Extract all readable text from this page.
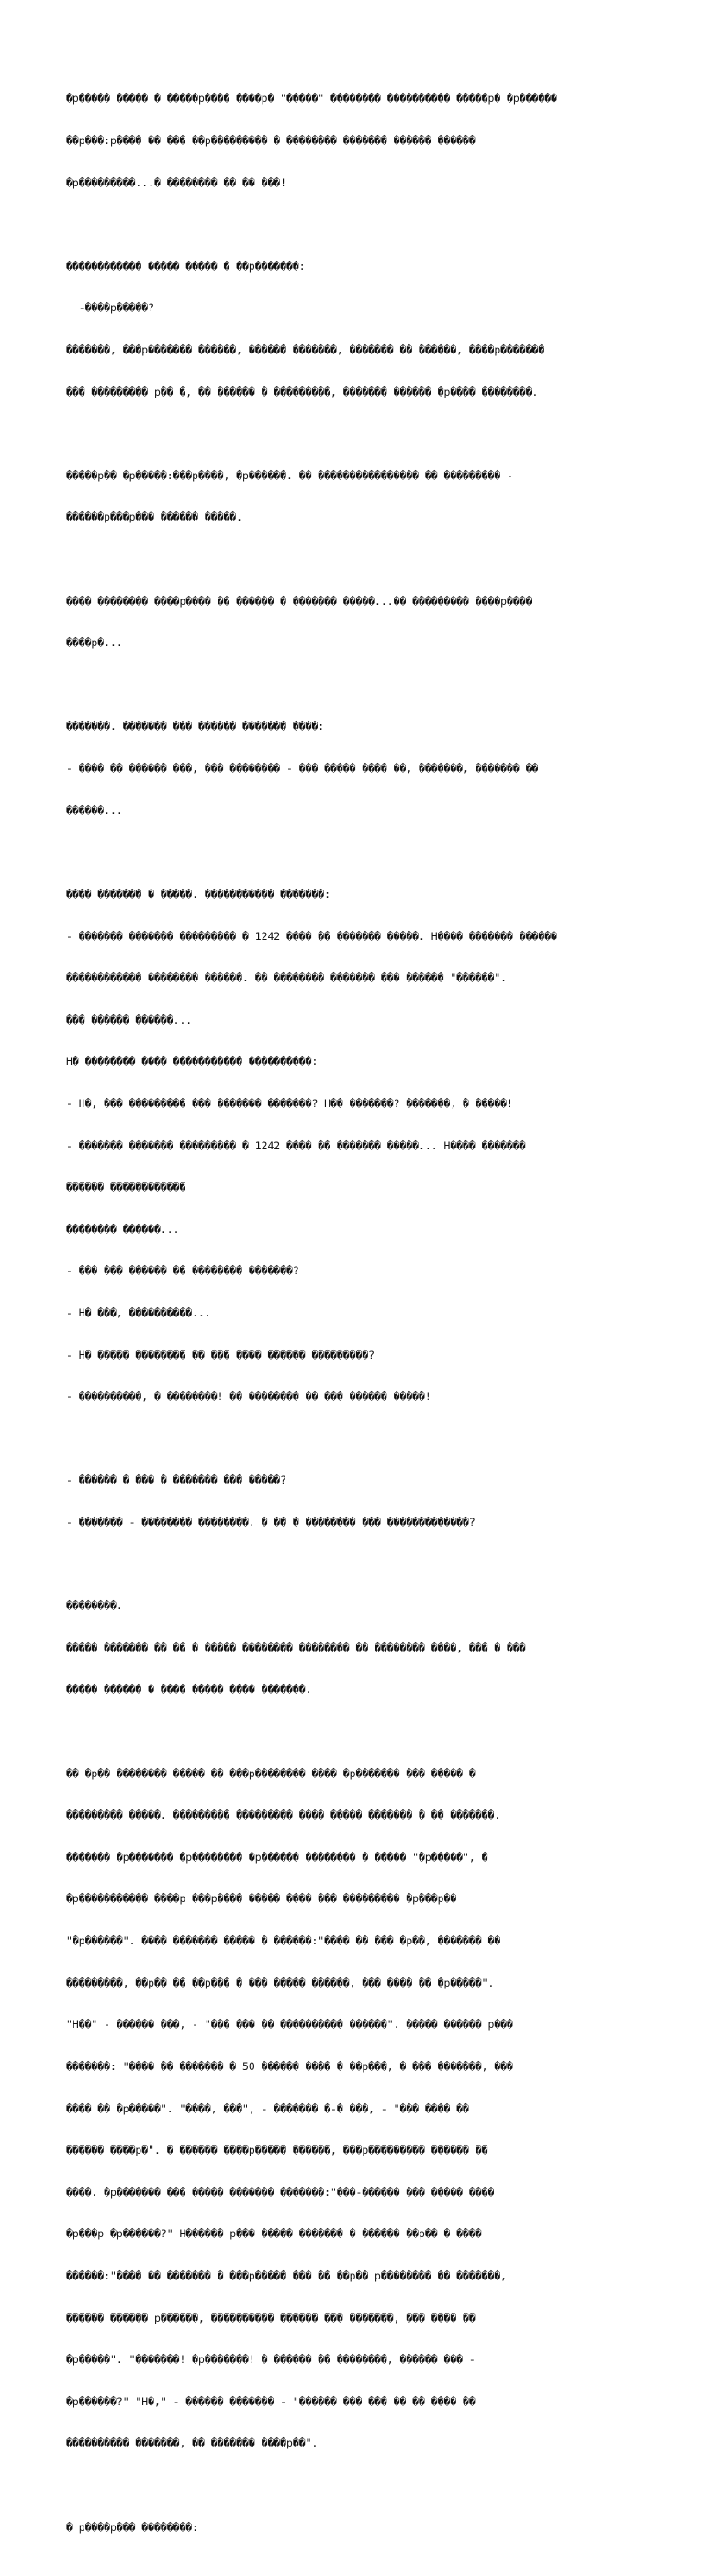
�p����� ����� � �����p���� ����p� "�����" �������� ���������� �����p� �p������

��p���:p���� �� ��� ��p��������� � �������� ������� ������ ������

�p���������...� �������� �� �� ���!

������������ ����� ����� � ��p�������:

-����p�����?

�������, ���p������� ������, ������ �������, ������� �� ������, ����p�������

��� ��������� p�� �, �� ������ � ���������, ������� ������ �p���� ��������.

�����p�� �p�����:���p����, �p������. �� ���������������� �� ��������� -

������p���p��� ������ �����.

���� �������� ����p���� �� ������ � ������� �����...�� ��������� ����p����

����p�...

�������. ������� ��� ������ ������� ����:

- ���� �� ������ ���, ��� �������� - ��� ����� ���� ��, �������, ������� ��

������...

���� ������� � �����. ����������� �������:

- ������� ������� ��������� � 1242 ���� �� ������� �����. H���� ������� ������

������������ �������� ������. �� �������� ������� ��� ������ "������".

��� ������ ������...

H� �������� ���� ����������� ����������:

- H�, ��� ��������� ��� ������� �������? H�� �������? �������, � �����!

- ������� ������� ��������� � 1242 ���� �� ������� �����... H���� �������

������ ������������

�������� ������...

- ��� ��� ������ �� �������� �������?

- H� ���, ����������...

- H� ����� �������� �� ��� ���� ������ ���������?

- ����������, � ��������! �� �������� �� ��� ������ �����!

- ������ � ��� � ������� ��� �����?

- ������� - �������� ��������. � �� � �������� ��� �������������?

��������.

����� ������� �� �� � ����� �������� �������� �� �������� ����, ��� � ���

����� ������ � ���� ����� ���� �������.

�� �p�� �������� ����� �� ���p�������� ���� �p������� ��� ����� �

��������� �����. ��������� ��������� ���� ����� ������� � �� �������.

������� �p������� �p�������� �p������ �������� � ����� "�p�����", �

�p����������� ����p ���p���� ����� ���� ��� ��������� �p���p��

"�p������". ���� ������� ����� � ������:"���� �� ��� �p��, ������� ��

���������, ��p�� �� ��p��� � ��� ����� ������, ��� ���� �� �p�����".

"H��" - ������ ���, - "��� ��� �� ���������� ������". ����� ������ p���

�������: "���� �� ������� � 50 ������ ���� � ��p���, � ��� �������, ���

���� �� �p�����". "����, ���", - ������� �-� ���, - "��� ���� ��

������ ����p�". � ������ ����p����� ������, ���p��������� ������ ��

����. �p������� ��� ����� ������� �������:"���-������ ��� ����� ����

�p���p �p������?" H������ p��� ����� ������� � ������ ��p�� � ����

������:"���� �� ������� � ���p����� ��� �� ��p�� p�������� �� �������,

������ ������ p������, ���������� ������ ��� �������, ��� ���� ��

�p�����". "�������! �p�������! � ������ �� ��������, ������ ��� -

�p������?" "H�," - ������ ������� - "������ ��� ��� �� �� ���� ��

���������� �������, �� ������� ����p��".

� p����p��� ��������:
